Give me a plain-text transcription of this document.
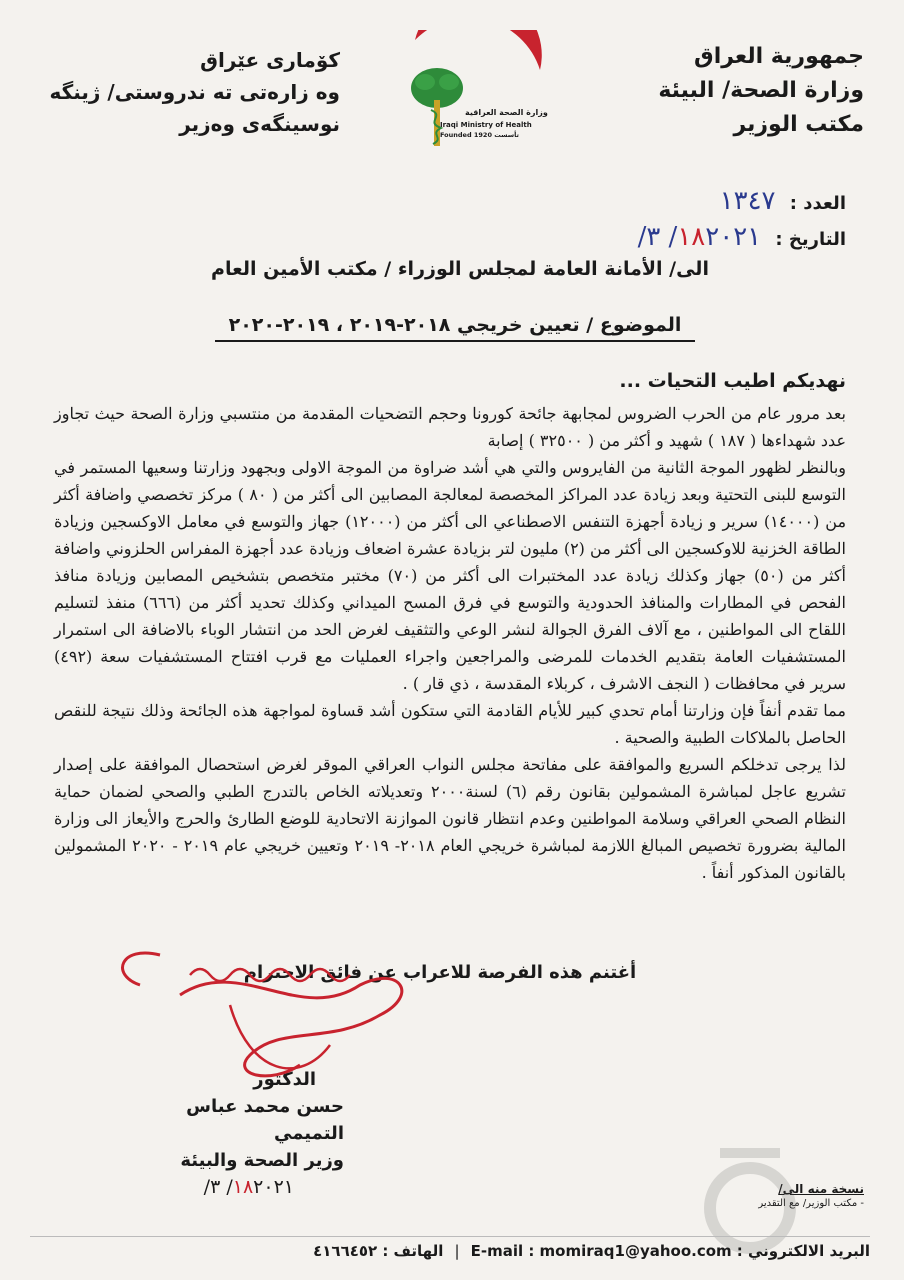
جمهورية العراق
وزارة الصحة/ البيئة
مكتب الوزير
كۆماری عێراق
وه زارەتی ته ندروستی/ ژینگه
نوسینگەی وەزیر	وزارة الصحة العراقية
Iraqi Ministry of Health
Founded 1920 تأسست
العدد : ١٣٤٧
التاريخ : ١٨٢٠٢١/ ٣/
الى/ الأمانة العامة لمجلس الوزراء / مكتب الأمين العام
الموضوع / تعيين خريجي ٢٠١٨-٢٠١٩ ، ٢٠١٩-٢٠٢٠
نهديكم اطيب التحيات ...

بعد مرور عام من الحرب الضروس لمجابهة جائحة كورونا وحجم التضحيات المقدمة من منتسبي وزارة الصحة حيث تجاوز عدد شهداءها ( ١٨٧ ) شهيد و أكثر من ( ٣٢٥٠٠ ) إصابة

وبالنظر لظهور الموجة الثانية من الفايروس والتي هي أشد ضراوة من الموجة الاولى وبجهود وزارتنا وسعيها المستمر في التوسع للبنى التحتية وبعد زيادة عدد المراكز المخصصة لمعالجة المصابين الى أكثر من ( ٨٠ ) مركز تخصصي واضافة أكثر من (١٤٠٠٠) سرير و زيادة أجهزة التنفس الاصطناعي الى أكثر من (١٢٠٠٠) جهاز والتوسع في معامل الاوكسجين وزيادة الطاقة الخزنية للاوكسجين الى أكثر من (٢) مليون لتر بزيادة عشرة اضعاف وزيادة عدد أجهزة المفراس الحلزوني واضافة أكثر من (٥٠) جهاز وكذلك زيادة عدد المختبرات الى أكثر من (٧٠) مختبر متخصص بتشخيص المصابين وزيادة منافذ الفحص في المطارات والمنافذ الحدودية والتوسع في فرق المسح الميداني وكذلك تحديد أكثر من (٦٦٦) منفذ لتسليم اللقاح الى المواطنين ، مع آلاف الفرق الجوالة لنشر الوعي والتثقيف لغرض الحد من انتشار الوباء بالاضافة الى استمرار المستشفيات العامة بتقديم الخدمات للمرضى والمراجعين واجراء العمليات مع قرب افتتاح المستشفيات سعة (٤٩٢) سرير في محافظات ( النجف الاشرف ، كربلاء المقدسة ، ذي قار ) .

مما تقدم أنفاً فإن وزارتنا أمام تحدي كبير للأيام القادمة التي ستكون أشد قساوة لمواجهة هذه الجائحة وذلك نتيجة للنقص الحاصل بالملاكات الطبية والصحية .

لذا يرجى تدخلكم السريع والموافقة على مفاتحة مجلس النواب العراقي الموقر لغرض استحصال الموافقة على إصدار تشريع عاجل لمباشرة المشمولين بقانون رقم (٦) لسنة٢٠٠٠ وتعديلاته الخاص بالتدرج الطبي والصحي لضمان حماية النظام الصحي العراقي وسلامة المواطنين وعدم انتظار قانون الموازنة الاتحادية للوضع الطارئ والحرج والأيعاز الى وزارة المالية بضرورة تخصيص المبالغ اللازمة لمباشرة خريجي العام ٢٠١٨- ٢٠١٩ وتعيين خريجي عام ٢٠١٩ - ٢٠٢٠ المشمولين بالقانون المذكور أنفاً .

أغتنم هذه الفرصة للاعراب عن فائق الاحترام
الدكتور
حسن محمد عباس التميمي
وزير الصحة والبيئة
١٨٢٠٢١/ ٣/	نسخة منه الى/
- مكتب الوزير/ مع التقدير
البريد الالكتروني : E-mail : momiraq1@yahoo.com | الهاتف : ٤١٦٦٤٥٢
